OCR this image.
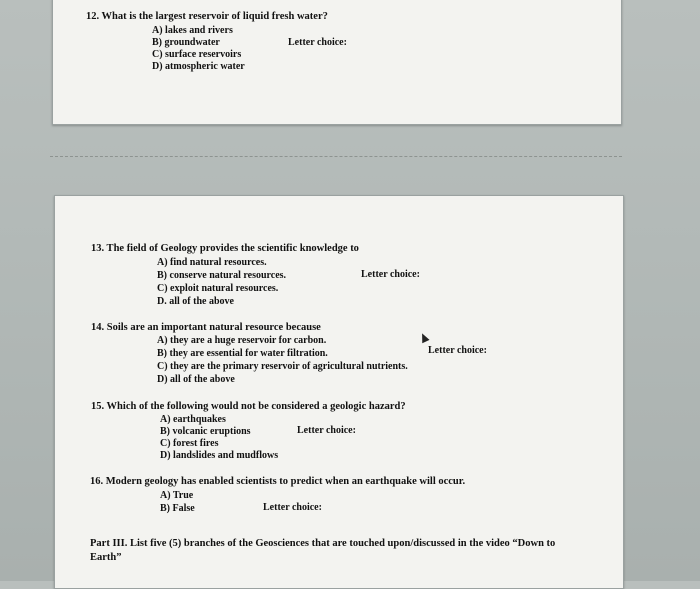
12. What is the largest reservoir of liquid fresh water?
A) lakes and rivers
B) groundwater
C) surface reservoirs
D) atmospheric water
Letter choice:
13. The field of Geology provides the scientific knowledge to
A) find natural resources.
B) conserve natural resources.
C) exploit natural resources.
D. all of the above
Letter choice:
14. Soils are an important natural resource because
A) they are a huge reservoir for carbon.
B) they are essential for water filtration.
C) they are the primary reservoir of agricultural nutrients.
D) all of the above
Letter choice:
15. Which of the following would not be considered a geologic hazard?
A) earthquakes
B) volcanic eruptions
C) forest fires
D) landslides and mudflows
Letter choice:
16. Modern geology has enabled scientists to predict when an earthquake will occur.
A) True
B) False	Letter choice:
Part III. List five (5) branches of the Geosciences that are touched upon/discussed in the video “Down to
Earth”
